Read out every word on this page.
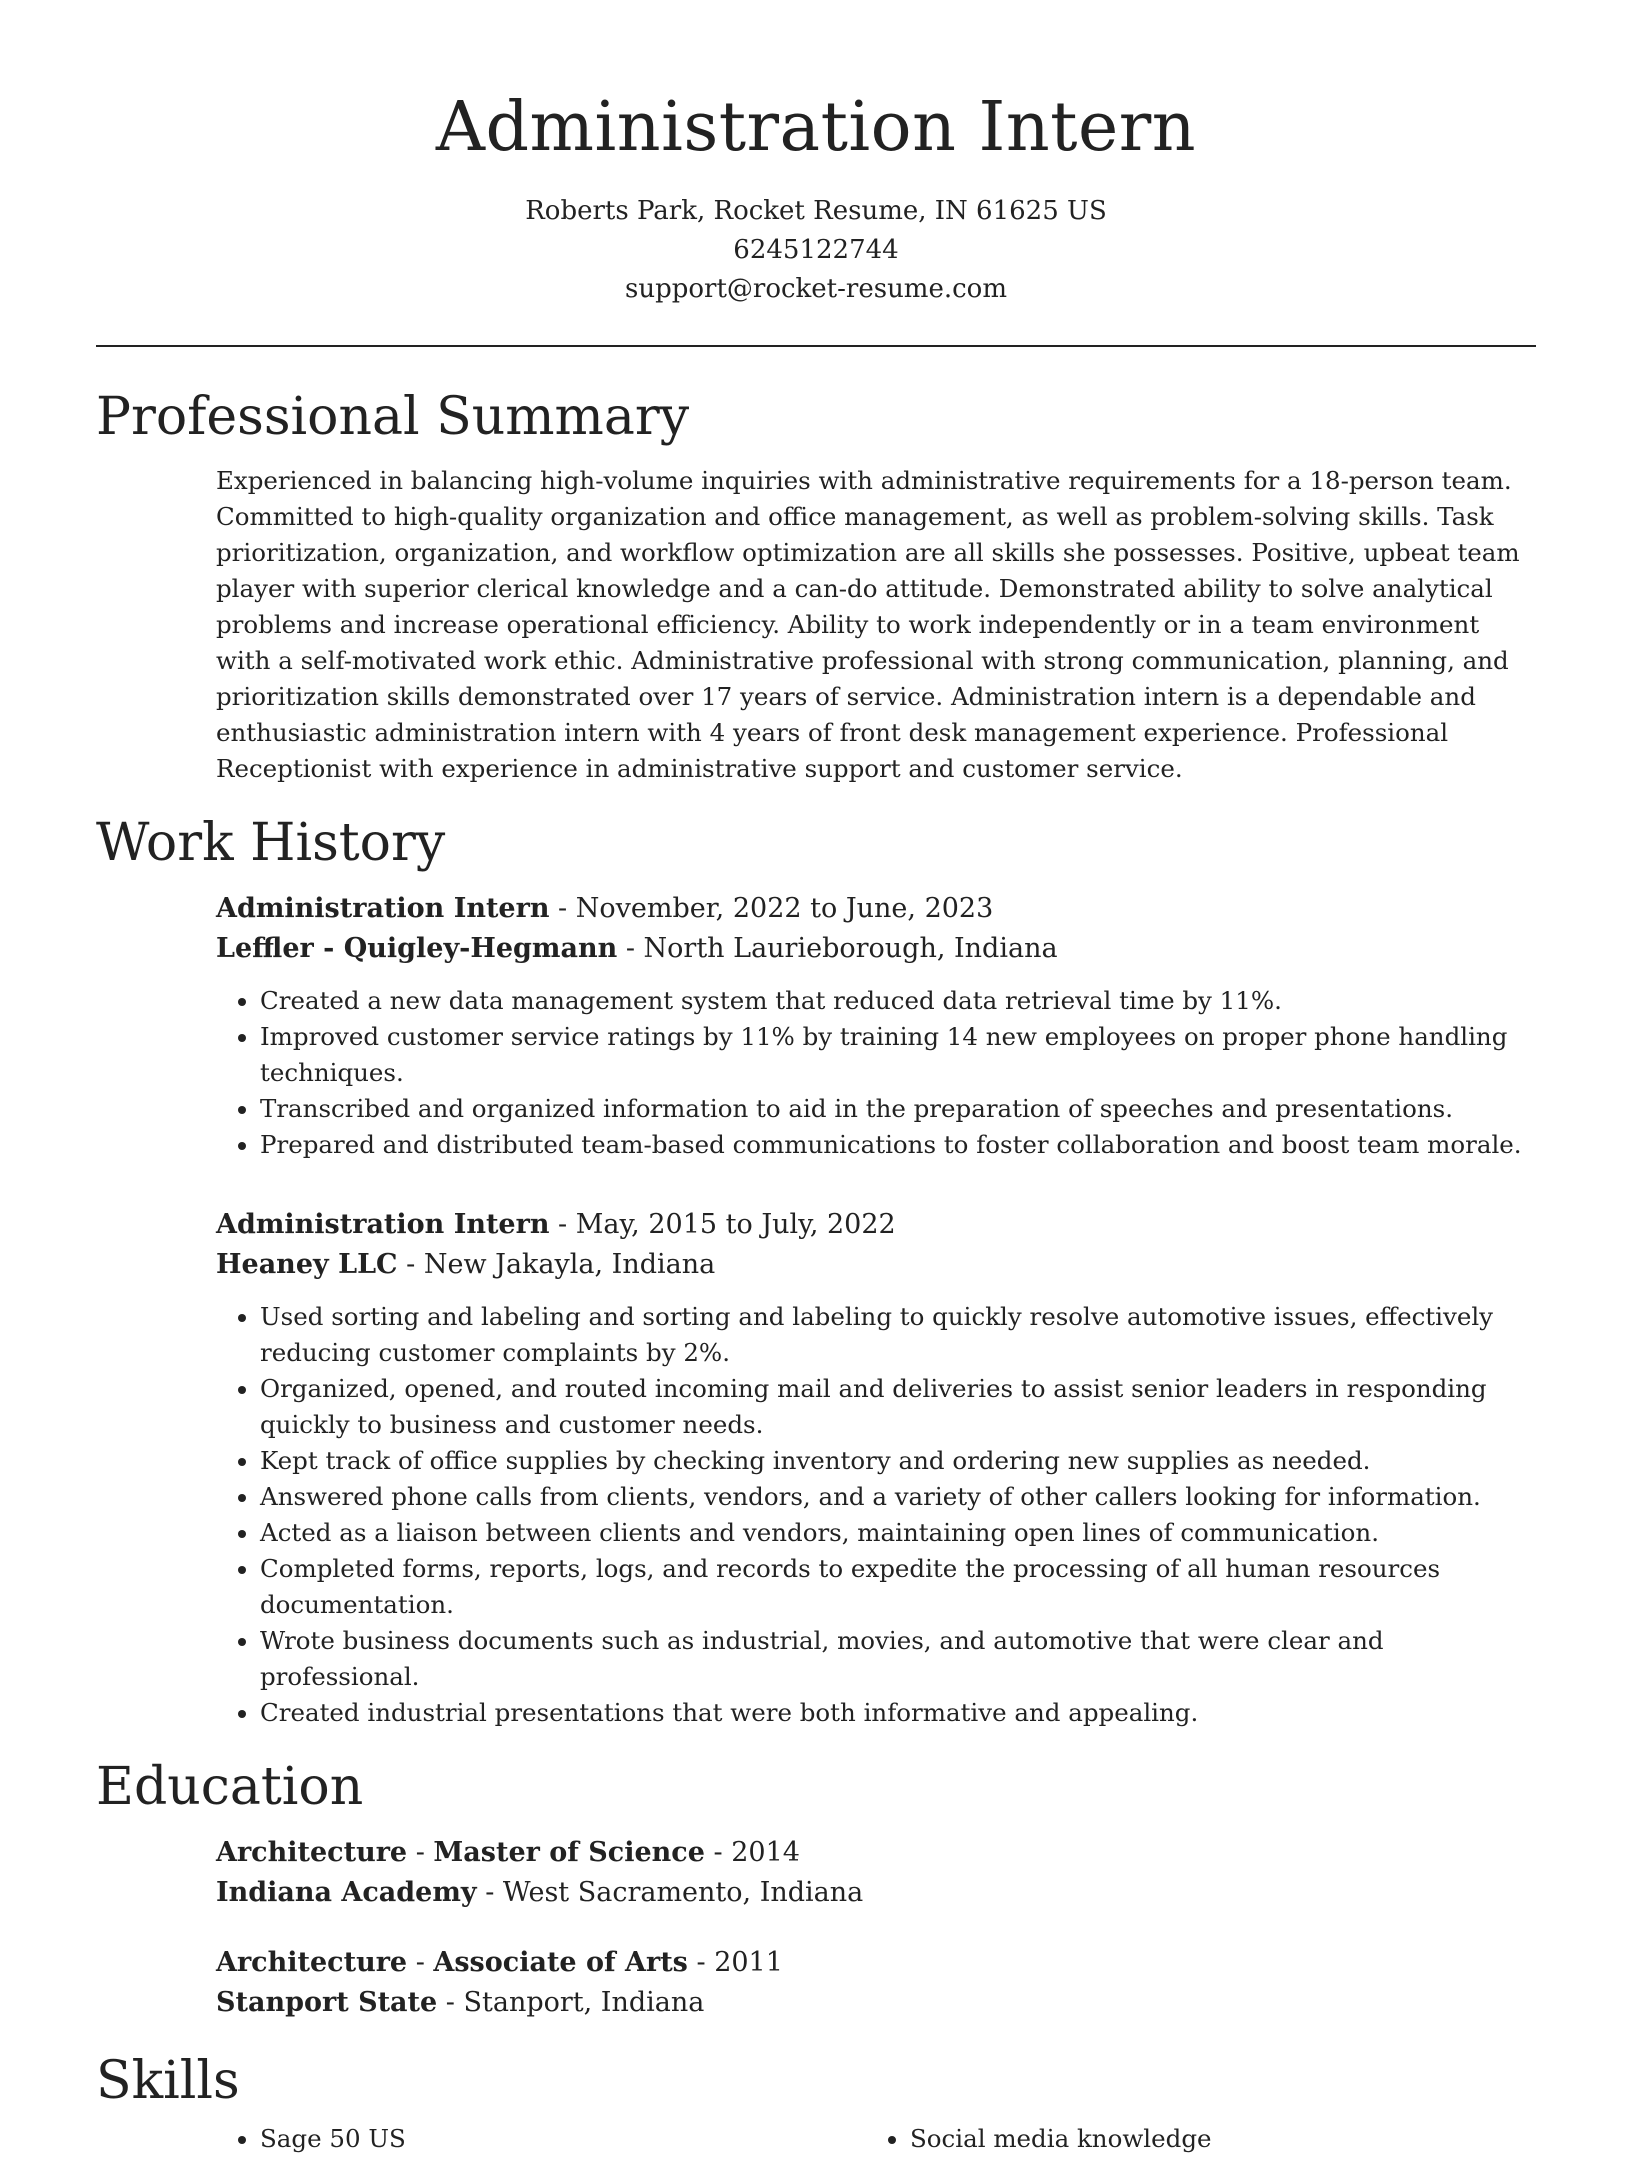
Administration Intern
Roberts Park, Rocket Resume, IN 61625 US
6245122744
support@rocket-resume.com
Professional Summary

Experienced in balancing high-volume inquiries with administrative requirements for a 18-person team. Committed to high-quality organization and office management, as well as problem-solving skills. Task prioritization, organization, and workflow optimization are all skills she possesses. Positive, upbeat team player with superior clerical knowledge and a can-do attitude. Demonstrated ability to solve analytical problems and increase operational efficiency. Ability to work independently or in a team environment with a self-motivated work ethic. Administrative professional with strong communication, planning, and prioritization skills demonstrated over 17 years of service. Administration intern is a dependable and enthusiastic administration intern with 4 years of front desk management experience. Professional Receptionist with experience in administrative support and customer service.

Work History
Administration Intern - November, 2022 to June, 2023
Leffler - Quigley-Hegmann - North Laurieborough, Indiana
• Created a new data management system that reduced data retrieval time by 11%.
• Improved customer service ratings by 11% by training 14 new employees on proper phone handling techniques.
• Transcribed and organized information to aid in the preparation of speeches and presentations.
• Prepared and distributed team-based communications to foster collaboration and boost team morale.
Administration Intern - May, 2015 to July, 2022
Heaney LLC - New Jakayla, Indiana
• Used sorting and labeling and sorting and labeling to quickly resolve automotive issues, effectively reducing customer complaints by 2%.
• Organized, opened, and routed incoming mail and deliveries to assist senior leaders in responding quickly to business and customer needs.
• Kept track of office supplies by checking inventory and ordering new supplies as needed.
• Answered phone calls from clients, vendors, and a variety of other callers looking for information.
• Acted as a liaison between clients and vendors, maintaining open lines of communication.
• Completed forms, reports, logs, and records to expedite the processing of all human resources documentation.
• Wrote business documents such as industrial, movies, and automotive that were clear and professional.
• Created industrial presentations that were both informative and appealing.
Education
Architecture - Master of Science - 2014
Indiana Academy - West Sacramento, Indiana
Architecture - Associate of Arts - 2011
Stanport State - Stanport, Indiana
Skills
• Sage 50 US
•	Social media knowledge
